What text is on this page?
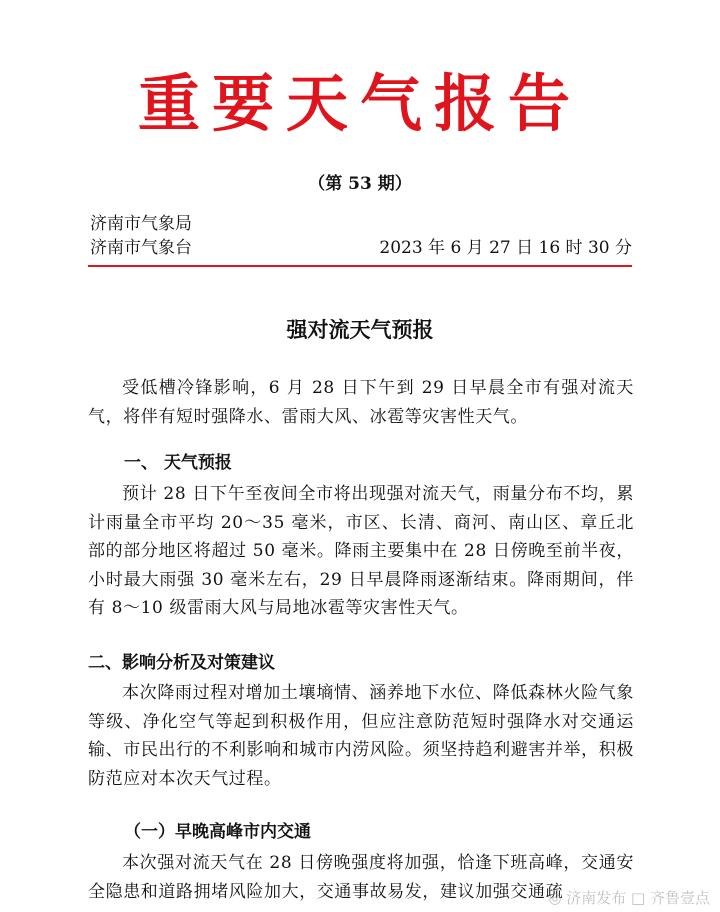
重要天气报告
（第 53 期）
济南市气象局
济南市气象台	2023 年 6 月 27 日 16 时 30 分
强对流天气预报

受低槽冷锋影响，6 月 28 日下午到 29 日早晨全市有强对流天气，将伴有短时强降水、雷雨大风、冰雹等灾害性天气。

一、 天气预报

预计 28 日下午至夜间全市将出现强对流天气，雨量分布不均，累计雨量全市平均 20～35 毫米，市区、长清、商河、南山区、章丘北部的部分地区将超过 50 毫米。降雨主要集中在 28 日傍晚至前半夜，小时最大雨强 30 毫米左右，29 日早晨降雨逐渐结束。降雨期间，伴有 8～10 级雷雨大风与局地冰雹等灾害性天气。

二、影响分析及对策建议

本次降雨过程对增加土壤墒情、涵养地下水位、降低森林火险气象等级、净化空气等起到积极作用，但应注意防范短时强降水对交通运输、市民出行的不利影响和城市内涝风险。须坚持趋利避害并举，积极防范应对本次天气过程。

（一）早晚高峰市内交通

本次强对流天气在 28 日傍晚强度将加强，恰逢下班高峰，交通安全隐患和道路拥堵风险加大，交通事故易发，建议加强交通疏

◎ 济南发布 □ 齐鲁壹点
